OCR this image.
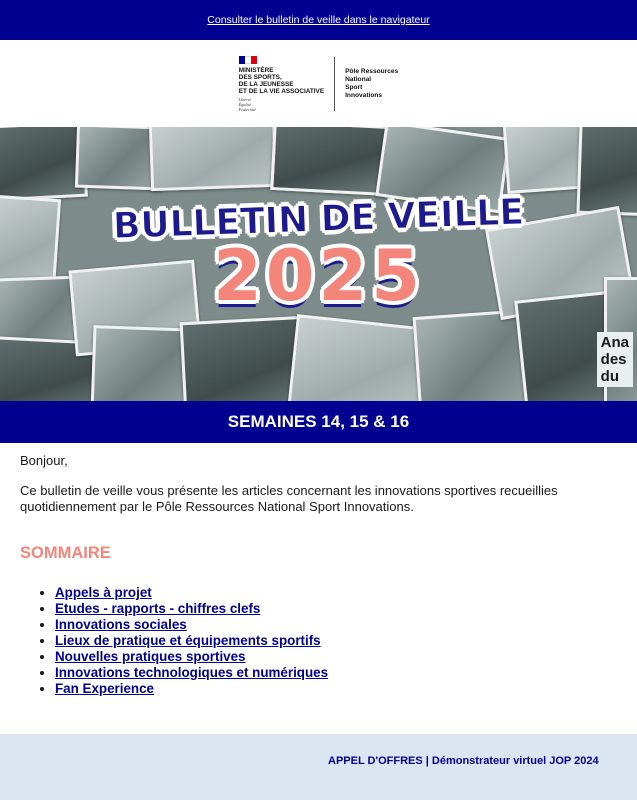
Consulter le bulletin de veille dans le navigateur
MINISTÈRE
DES SPORTS,
DE LA JEUNESSE
ET DE LA VIE ASSOCIATIVE
Liberté
Égalité
Fraternité
Pôle Ressources
National
Sport
Innovations
BULLETIN DE VEILLE
2025
Ana
des
du
SEMAINES 14, 15 & 16

Bonjour,

Ce bulletin de veille vous présente les articles concernant les innovations sportives recueillies quotidiennement par le Pôle Ressources National Sport Innovations.

SOMMAIRE
• Appels à projet
• Etudes - rapports - chiffres clefs
• Innovations sociales
• Lieux de pratique et équipements sportifs
• Nouvelles pratiques sportives
• Innovations technologiques et numériques
• Fan Experience
APPEL D'OFFRES | Démonstrateur virtuel JOP 2024
